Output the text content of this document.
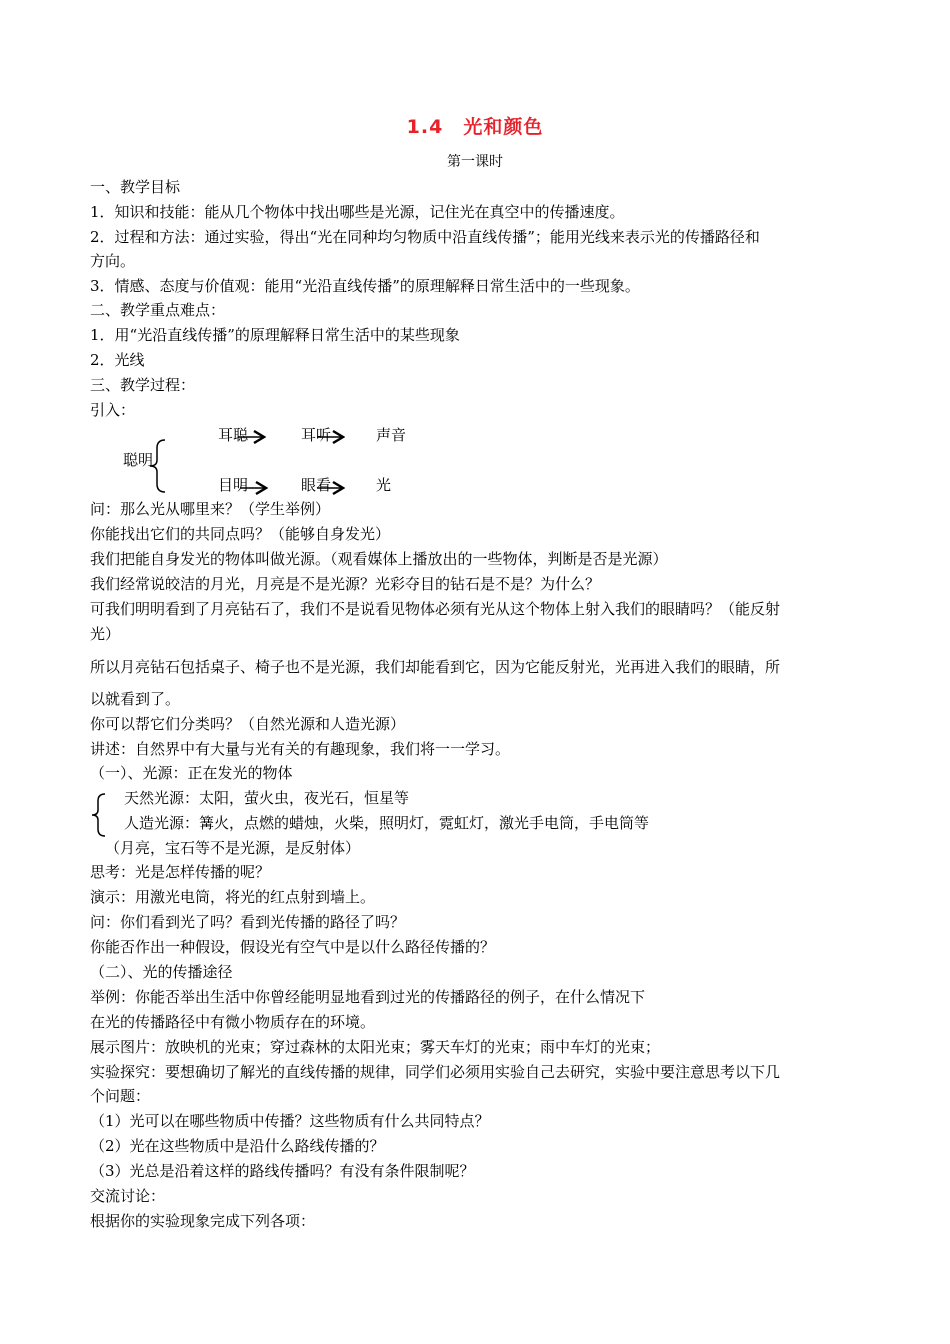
1.4　光和颜色
第一课时
一、教学目标
1．知识和技能：能从几个物体中找出哪些是光源，记住光在真空中的传播速度。
2．过程和方法：通过实验，得出“光在同种均匀物质中沿直线传播”；能用光线来表示光的传播路径和
方向。
3．情感、态度与价值观：能用“光沿直线传播”的原理解释日常生活中的一些现象。
二、教学重点难点：
1．用“光沿直线传播”的原理解释日常生活中的某些现象
2．光线
三、教学过程：
引入：
聪明
耳聪	耳听	声音
目明	眼看	光
问：那么光从哪里来？（学生举例）
你能找出它们的共同点吗？（能够自身发光）
我们把能自身发光的物体叫做光源。（观看媒体上播放出的一些物体，判断是否是光源）
我们经常说皎洁的月光，月亮是不是光源？光彩夺目的钻石是不是？为什么？
可我们明明看到了月亮钻石了，我们不是说看见物体必须有光从这个物体上射入我们的眼睛吗？（能反射
光）
所以月亮钻石包括桌子、椅子也不是光源，我们却能看到它，因为它能反射光，光再进入我们的眼睛，所
以就看到了。
你可以帮它们分类吗？（自然光源和人造光源）
讲述：自然界中有大量与光有关的有趣现象，我们将一一学习。
（一）、光源：正在发光的物体
天然光源：太阳，萤火虫，夜光石，恒星等
人造光源：篝火，点燃的蜡烛，火柴，照明灯，霓虹灯，激光手电筒，手电筒等
（月亮，宝石等不是光源，是反射体）
思考：光是怎样传播的呢？
演示：用激光电筒，将光的红点射到墙上。
问：你们看到光了吗？看到光传播的路径了吗？
你能否作出一种假设，假设光有空气中是以什么路径传播的？
（二）、光的传播途径
举例：你能否举出生活中你曾经能明显地看到过光的传播路径的例子，在什么情况下
在光的传播路径中有微小物质存在的环境。
展示图片：放映机的光束；穿过森林的太阳光束；雾天车灯的光束；雨中车灯的光束；
实验探究：要想确切了解光的直线传播的规律，同学们必须用实验自己去研究，实验中要注意思考以下几
个问题：
（1）光可以在哪些物质中传播？这些物质有什么共同特点？
（2）光在这些物质中是沿什么路线传播的？
（3）光总是沿着这样的路线传播吗？有没有条件限制呢？
交流讨论：
根据你的实验现象完成下列各项：
